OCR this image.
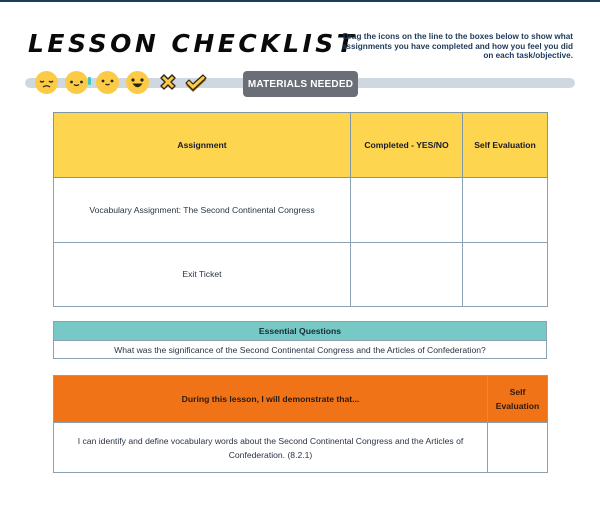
LESSON CHECKLIST

Drag the icons on the line to the boxes below to show what assignments you have completed and how you feel you did on each task/objective.

MATERIALS NEEDED
Assignment	Completed - YES/NO	Self Evaluation
Vocabulary Assignment: The Second Continental Congress		
Exit Ticket		
Essential Questions
What was the significance of the Second Continental Congress and the Articles of Confederation?
During this lesson, I will demonstrate that...	Self Evaluation
I can identify and define vocabulary words about the Second Continental Congress and the Articles of Confederation. (8.2.1)	
